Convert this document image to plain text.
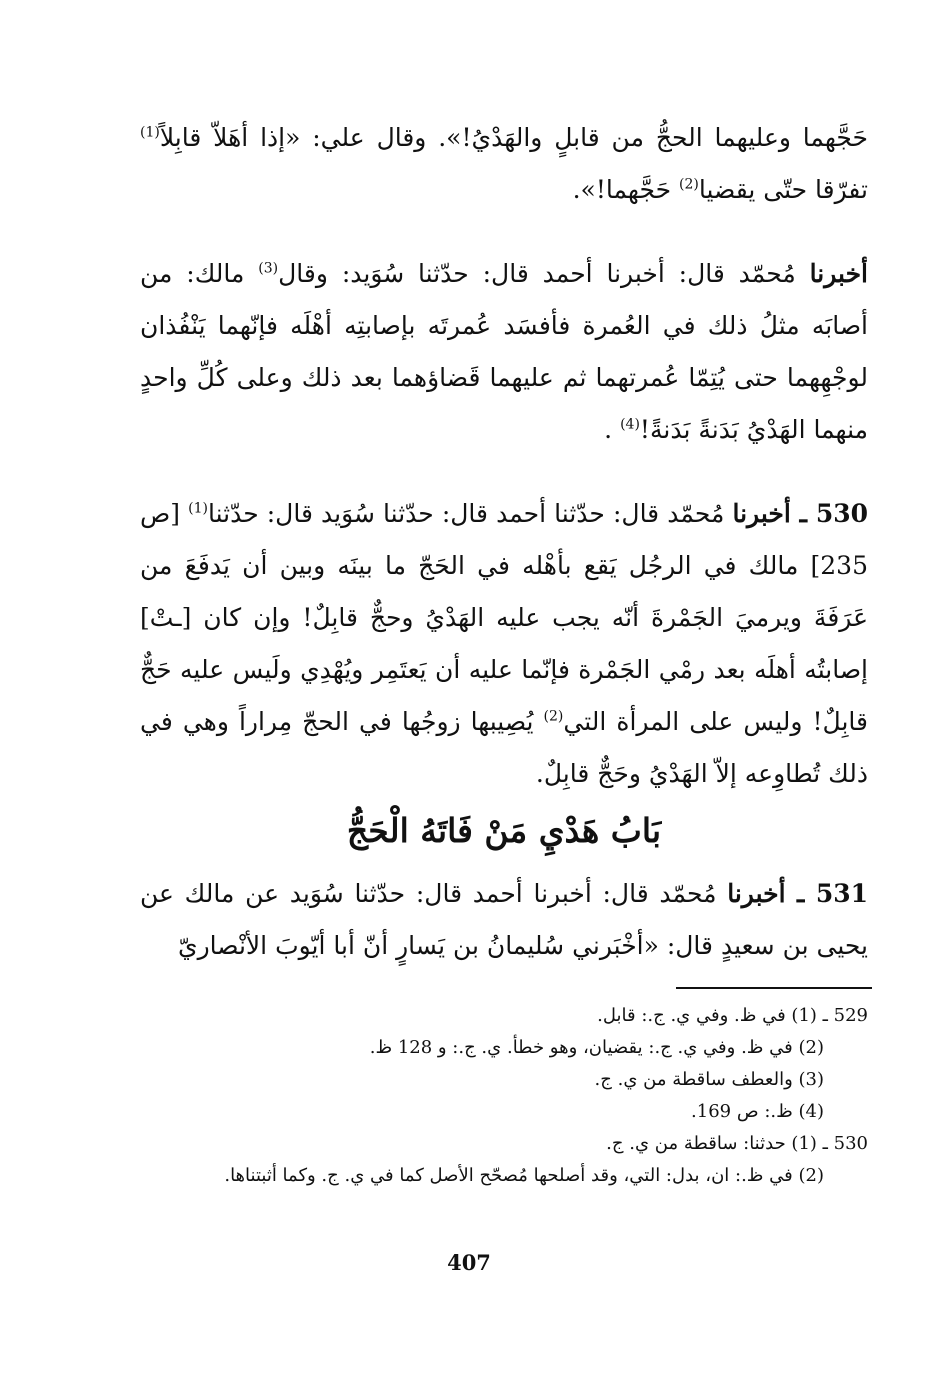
حَجَّهما وعليهما الحجُّ من قابلٍ والهَدْيُ!». وقال علي: «إذا أهَلاّ قابِلاً$^{(1)}$ تفرّقا حتّى يقضيا$^{(2)}$ حَجَّهما!».

أخبرنا مُحمّد قال: أخبرنا أحمد قال: حدّثنا سُوَيد: وقال$^{(3)}$ مالك: من أصابَه مثلُ ذلك في العُمرة فأفسَد عُمرتَه بإصابتِه أهْلَه فإنّهما يَنْفُذان لوجْهِهما حتى يُتِمّا عُمرتهما ثم عليهما قَضاؤهما بعد ذلك وعلى كُلِّ واحدٍ منهما الهَدْيُ بَدَنةً بَدَنةً!$^{(4)}$ .

530 ـ أخبرنا مُحمّد قال: حدّثنا أحمد قال: حدّثنا سُوَيد قال: حدّثنا$^{(1)}$ [ص 235] مالك في الرجُل يَقع بأهْله في الحَجّ ما بينَه وبين أن يَدفَعَ من عَرَفَةَ ويرميَ الجَمْرةَ أنّه يجب عليه الهَدْيُ وحجٌّ قابِلٌ! وإن كان [ـتْ] إصابتُه أهلَه بعد رمْي الجَمْرة فإنّما عليه أن يَعتَمِر ويُهْدِي ولَيس عليه حَجٌّ قابِلٌ! وليس على المرأة التي$^{(2)}$ يُصِيبها زوجُها في الحجّ مِراراً وهي في ذلك تُطاوِعه إلاّ الهَدْيُ وحَجٌّ قابِلٌ.

بَابُ هَدْيِ مَنْ فَاتَهُ الْحَجُّ

531 ـ أخبرنا مُحمّد قال: أخبرنا أحمد قال: حدّثنا سُوَيد عن مالك عن يحيى بن سعيدٍ قال: «أخْبَرني سُليمانُ بن يَسارٍ أنّ أبا أيّوبَ الأنْصاريّ

529 ـ (1) في ظ. وفي ي. ج.: قابل.

(2) في ظ. وفي ي. ج.: يقضيان، وهو خطأ. ي. ج.: و 128 ظ.

(3) والعطف ساقطة من ي. ج.

(4) ظ.: ص 169.

530 ـ (1) حدثنا: ساقطة من ي. ج.

(2) في ظ.: ان، بدل: التي، وقد أصلحها مُصحّح الأصل كما في ي. ج. وكما أثبتناها.

407
